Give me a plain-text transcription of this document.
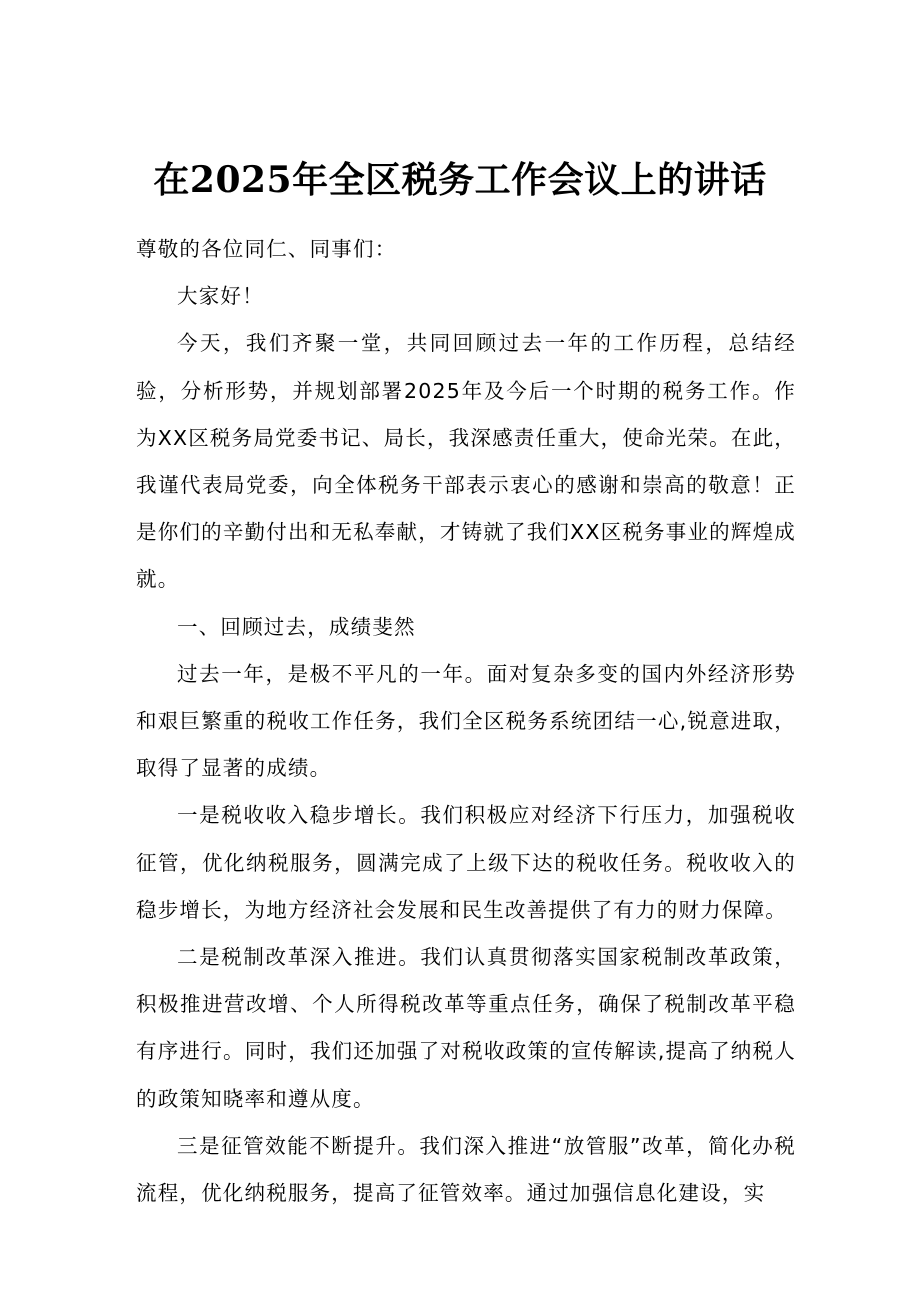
在2025年全区税务工作会议上的讲话

尊敬的各位同仁、同事们：

大家好！

今天，我们齐聚一堂，共同回顾过去一年的工作历程，总结经验，分析形势，并规划部署2025年及今后一个时期的税务工作。作为XX区税务局党委书记、局长，我深感责任重大，使命光荣。在此，我谨代表局党委，向全体税务干部表示衷心的感谢和崇高的敬意！正是你们的辛勤付出和无私奉献，才铸就了我们XX区税务事业的辉煌成就。

一、回顾过去，成绩斐然

过去一年，是极不平凡的一年。面对复杂多变的国内外经济形势和艰巨繁重的税收工作任务，我们全区税务系统团结一心,锐意进取，取得了显著的成绩。

一是税收收入稳步增长。我们积极应对经济下行压力，加强税收征管，优化纳税服务，圆满完成了上级下达的税收任务。税收收入的稳步增长，为地方经济社会发展和民生改善提供了有力的财力保障。

二是税制改革深入推进。我们认真贯彻落实国家税制改革政策，积极推进营改增、个人所得税改革等重点任务，确保了税制改革平稳有序进行。同时，我们还加强了对税收政策的宣传解读,提高了纳税人的政策知晓率和遵从度。

三是征管效能不断提升。我们深入推进“放管服”改革，简化办税流程，优化纳税服务，提高了征管效率。通过加强信息化建设，实
